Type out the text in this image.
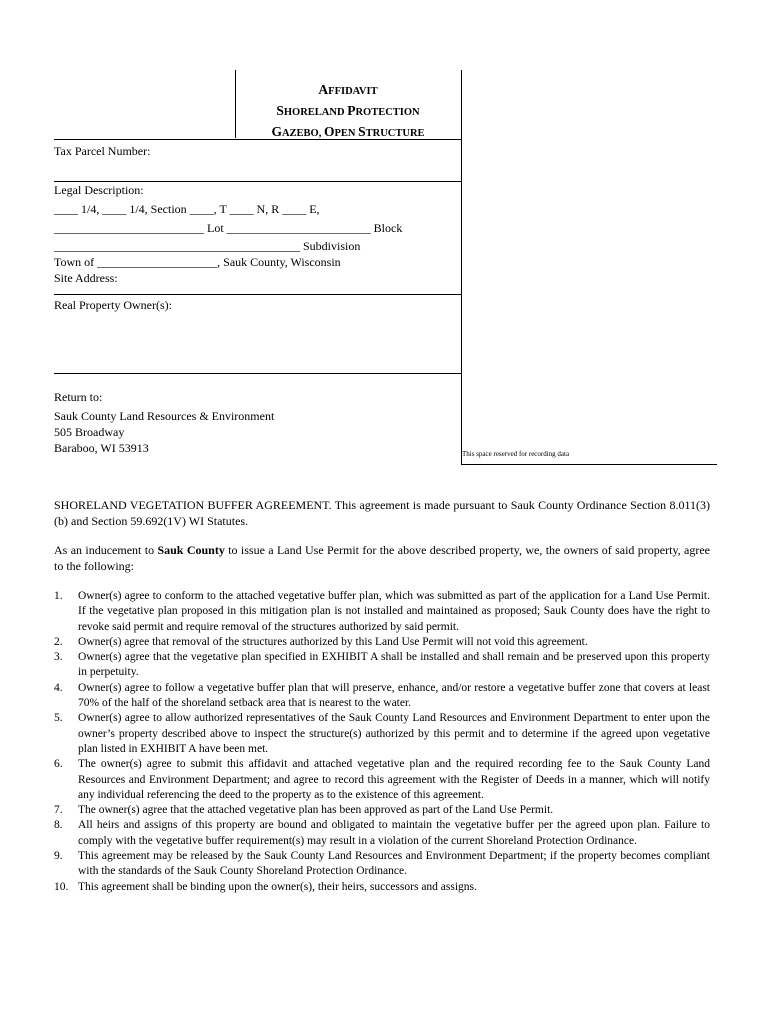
AFFIDAVIT
SHORELAND PROTECTION
GAZEBO, OPEN STRUCTURE
Tax Parcel Number:
Legal Description:
____ 1/4, ____ 1/4, Section ____, T ____ N, R ____ E,
_________________________ Lot ________________________ Block
_________________________________________ Subdivision
Town of ____________________, Sauk County, Wisconsin
Site Address:
Real Property Owner(s):
Return to:
Sauk County Land Resources & Environment
505 Broadway
Baraboo, WI 53913	This space reserved for recording data
SHORELAND VEGETATION BUFFER AGREEMENT. This agreement is made pursuant to Sauk County Ordinance Section 8.011(3)(b) and Section 59.692(1V) WI Statutes.
As an inducement to Sauk County to issue a Land Use Permit for the above described property, we, the owners of said property, agree to the following:
1. Owner(s) agree to conform to the attached vegetative buffer plan, which was submitted as part of the application for a Land Use Permit. If the vegetative plan proposed in this mitigation plan is not installed and maintained as proposed; Sauk County does have the right to revoke said permit and require removal of the structures authorized by said permit.
2. Owner(s) agree that removal of the structures authorized by this Land Use Permit will not void this agreement.
3. Owner(s) agree that the vegetative plan specified in EXHIBIT A shall be installed and shall remain and be preserved upon this property in perpetuity.
4. Owner(s) agree to follow a vegetative buffer plan that will preserve, enhance, and/or restore a vegetative buffer zone that covers at least 70% of the half of the shoreland setback area that is nearest to the water.
5. Owner(s) agree to allow authorized representatives of the Sauk County Land Resources and Environment Department to enter upon the owner’s property described above to inspect the structure(s) authorized by this permit and to determine if the agreed upon vegetative plan listed in EXHIBIT A have been met.
6. The owner(s) agree to submit this affidavit and attached vegetative plan and the required recording fee to the Sauk County Land Resources and Environment Department; and agree to record this agreement with the Register of Deeds in a manner, which will notify any individual referencing the deed to the property as to the existence of this agreement.
7. The owner(s) agree that the attached vegetative plan has been approved as part of the Land Use Permit.
8. All heirs and assigns of this property are bound and obligated to maintain the vegetative buffer per the agreed upon plan. Failure to comply with the vegetative buffer requirement(s) may result in a violation of the current Shoreland Protection Ordinance.
9. This agreement may be released by the Sauk County Land Resources and Environment Department; if the property becomes compliant with the standards of the Sauk County Shoreland Protection Ordinance.
10. This agreement shall be binding upon the owner(s), their heirs, successors and assigns.
